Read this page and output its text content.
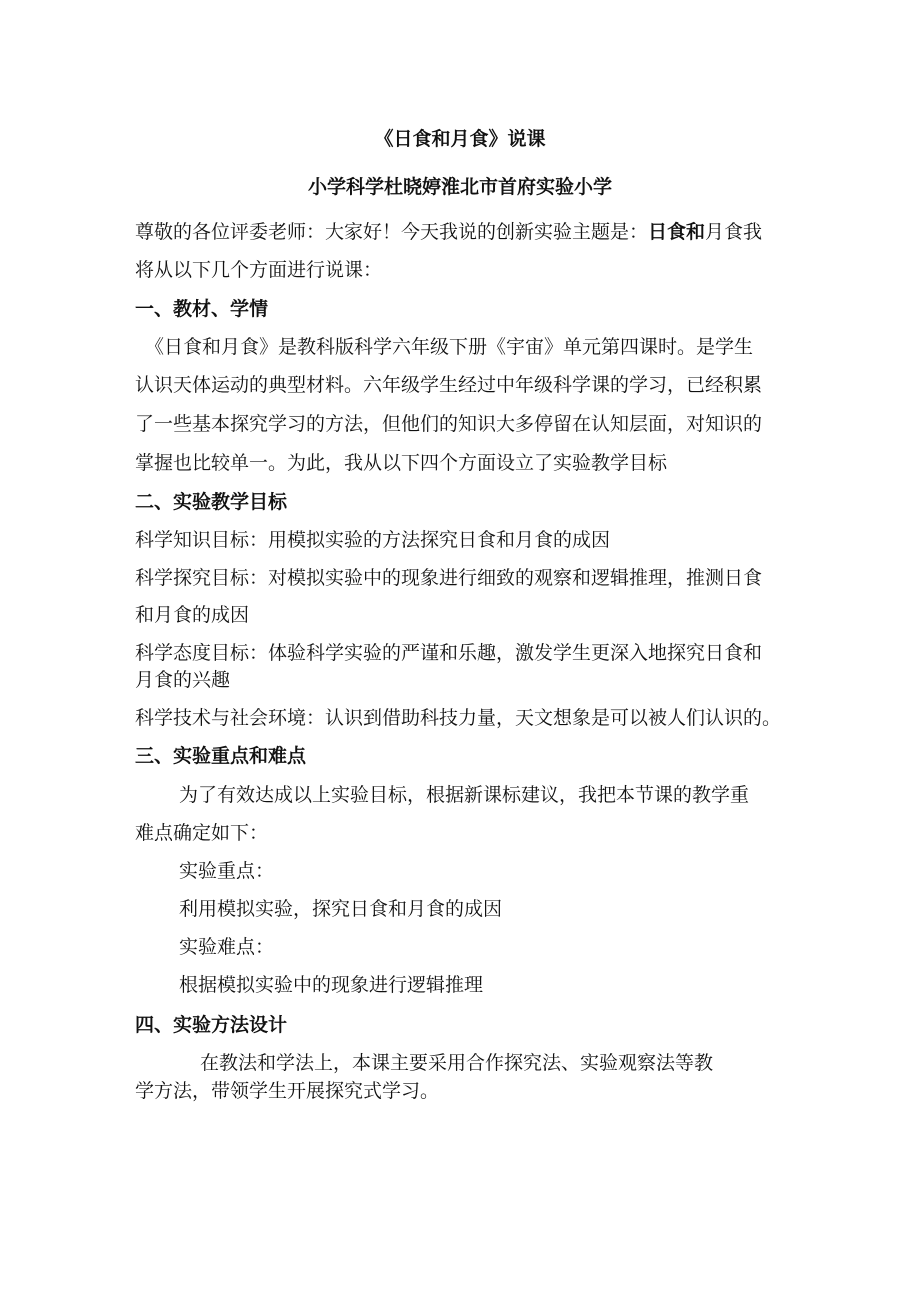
《日食和月食》说课
小学科学杜晓婷淮北市首府实验小学
尊敬的各位评委老师：大家好！今天我说的创新实验主题是：日食和月食我
将从以下几个方面进行说课：
一、教材、学情
《日食和月食》是教科版科学六年级下册《宇宙》单元第四课时。是学生
认识天体运动的典型材料。六年级学生经过中年级科学课的学习，已经积累
了一些基本探究学习的方法，但他们的知识大多停留在认知层面，对知识的
掌握也比较单一。为此，我从以下四个方面设立了实验教学目标
二、实验教学目标
科学知识目标：用模拟实验的方法探究日食和月食的成因
科学探究目标：对模拟实验中的现象进行细致的观察和逻辑推理，推测日食
和月食的成因
科学态度目标：体验科学实验的严谨和乐趣，激发学生更深入地探究日食和
月食的兴趣
科学技术与社会环境：认识到借助科技力量，天文想象是可以被人们认识的。
三、实验重点和难点
为了有效达成以上实验目标，根据新课标建议，我把本节课的教学重
难点确定如下：
实验重点：
利用模拟实验，探究日食和月食的成因
实验难点：
根据模拟实验中的现象进行逻辑推理
四、实验方法设计
在教法和学法上，本课主要采用合作探究法、实验观察法等教
学方法，带领学生开展探究式学习。
